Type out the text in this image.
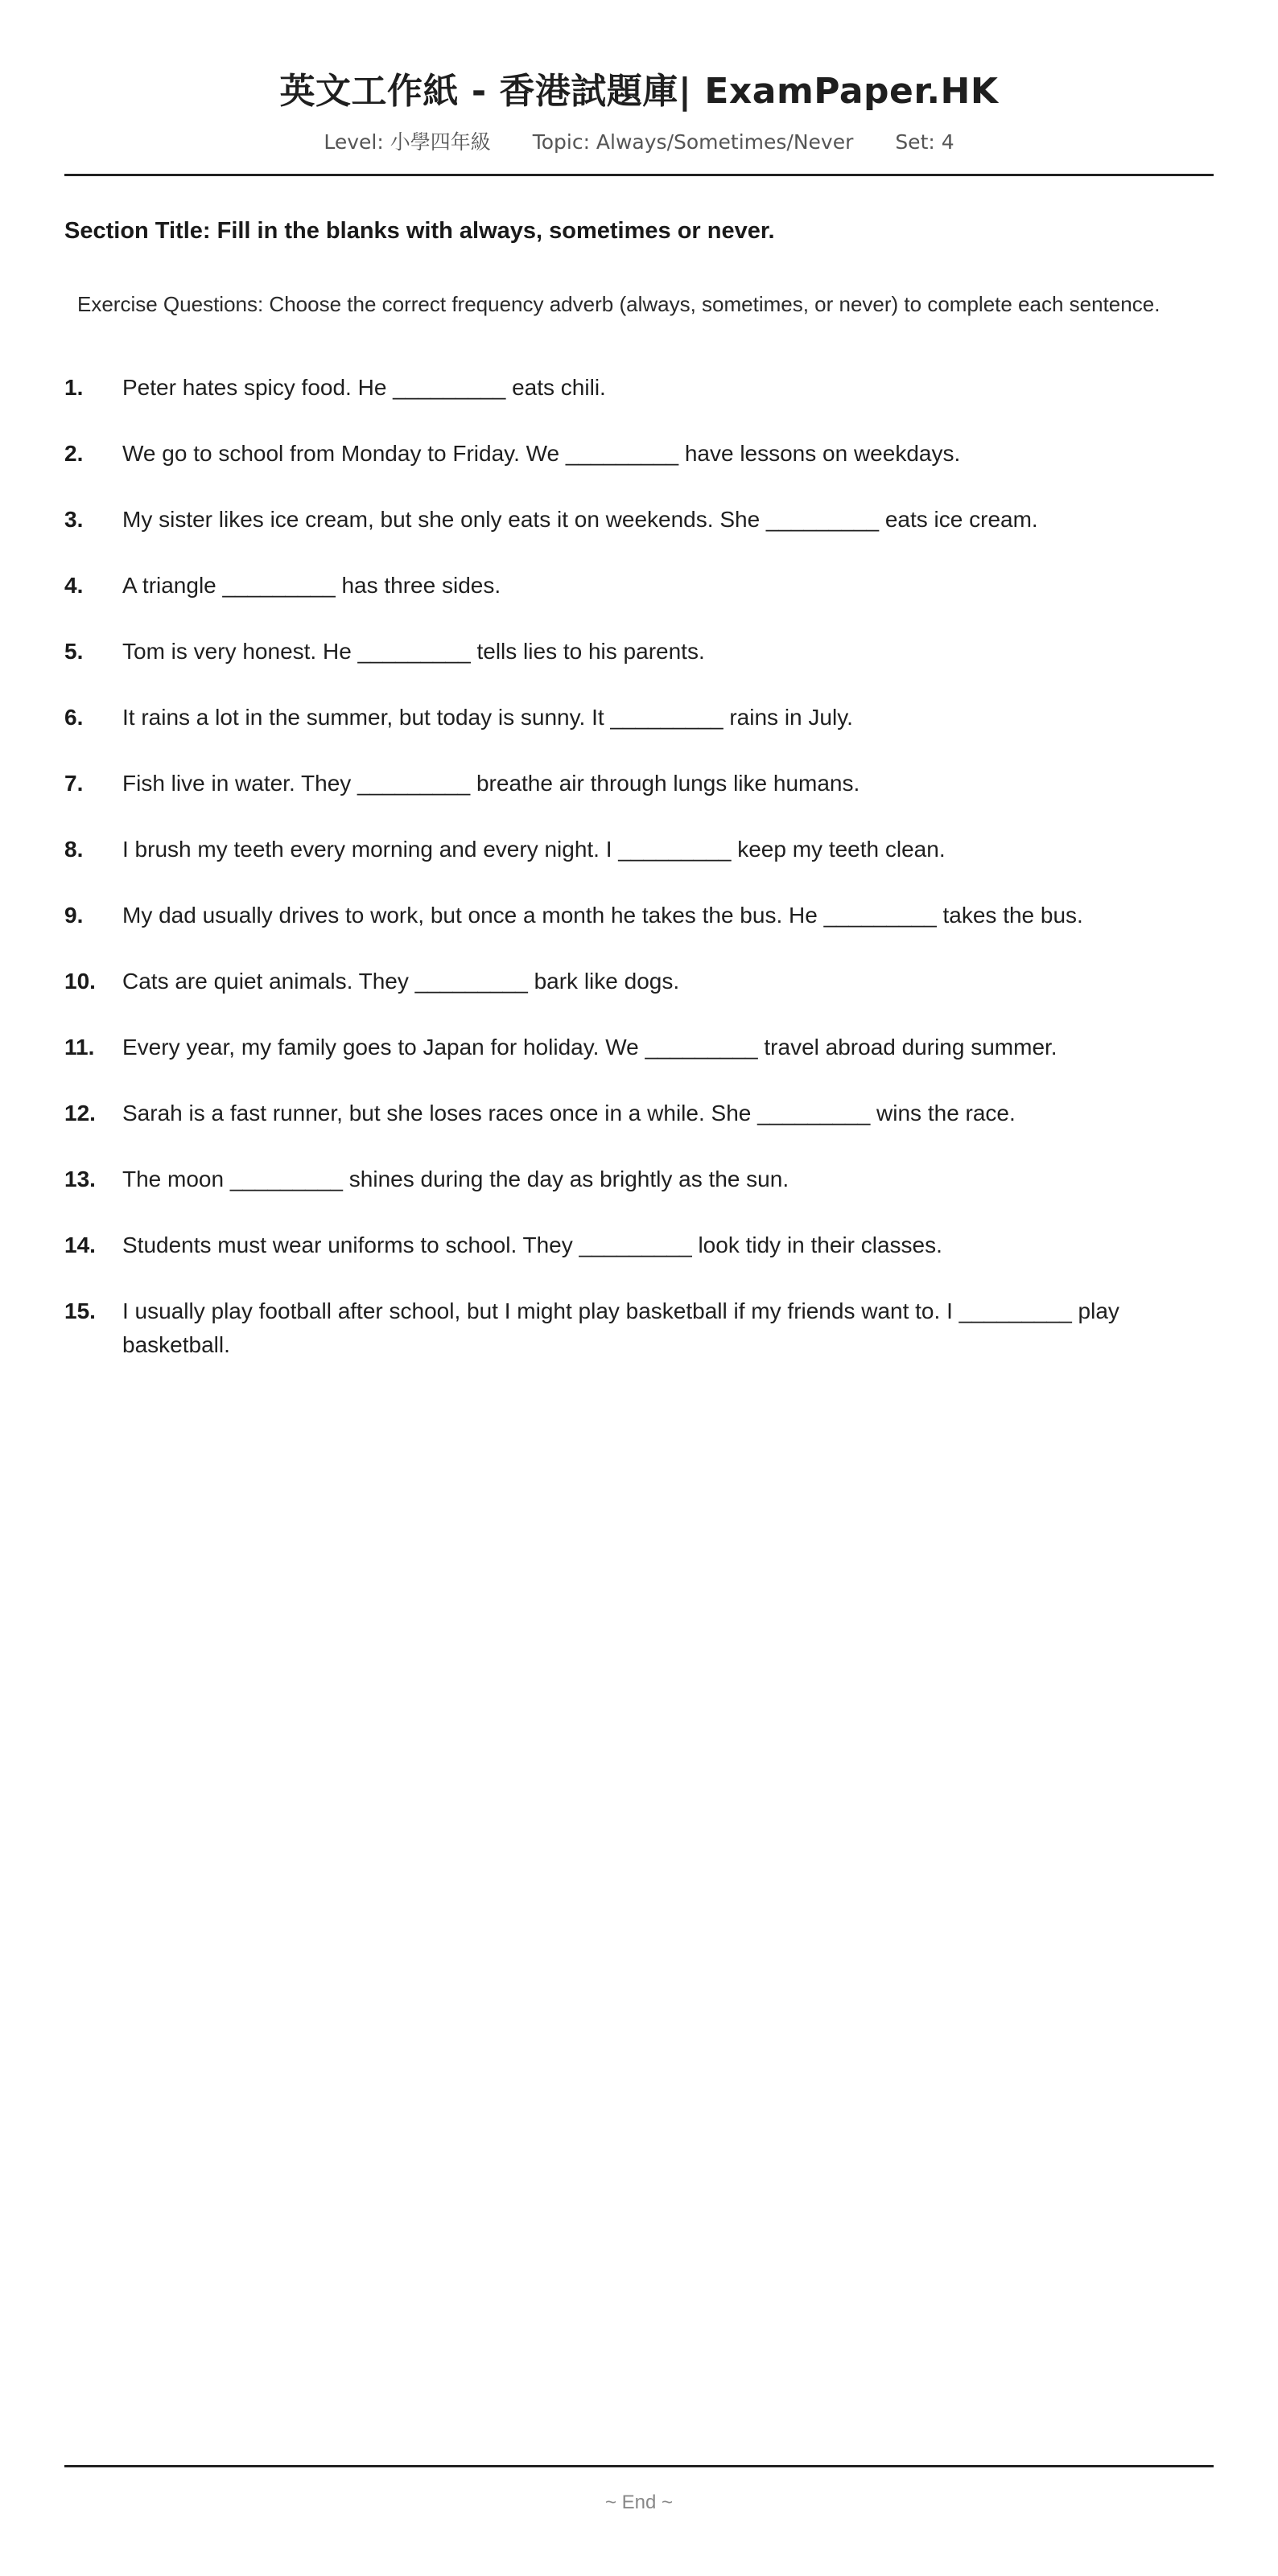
英文工作紙 - 香港試題庫| ExamPaper.HK
Level: 小學四年級 Topic: Always/Sometimes/Never Set: 4
Section Title: Fill in the blanks with always, sometimes or never.

Exercise Questions: Choose the correct frequency adverb (always, sometimes, or never) to complete each sentence.

1.	Peter hates spicy food. He _________ eats chili.
2.	We go to school from Monday to Friday. We _________ have lessons on weekdays.
3.	My sister likes ice cream, but she only eats it on weekends. She _________ eats ice cream.
4.	A triangle _________ has three sides.
5.	Tom is very honest. He _________ tells lies to his parents.
6.	It rains a lot in the summer, but today is sunny. It _________ rains in July.
7.	Fish live in water. They _________ breathe air through lungs like humans.
8.	I brush my teeth every morning and every night. I _________ keep my teeth clean.
9.	My dad usually drives to work, but once a month he takes the bus. He _________ takes the bus.
10.	Cats are quiet animals. They _________ bark like dogs.
11.	Every year, my family goes to Japan for holiday. We _________ travel abroad during summer.
12.	Sarah is a fast runner, but she loses races once in a while. She _________ wins the race.
13.	The moon _________ shines during the day as brightly as the sun.
14.	Students must wear uniforms to school. They _________ look tidy in their classes.
15.	I usually play football after school, but I might play basketball if my friends want to. I _________ play basketball.
~ End ~
